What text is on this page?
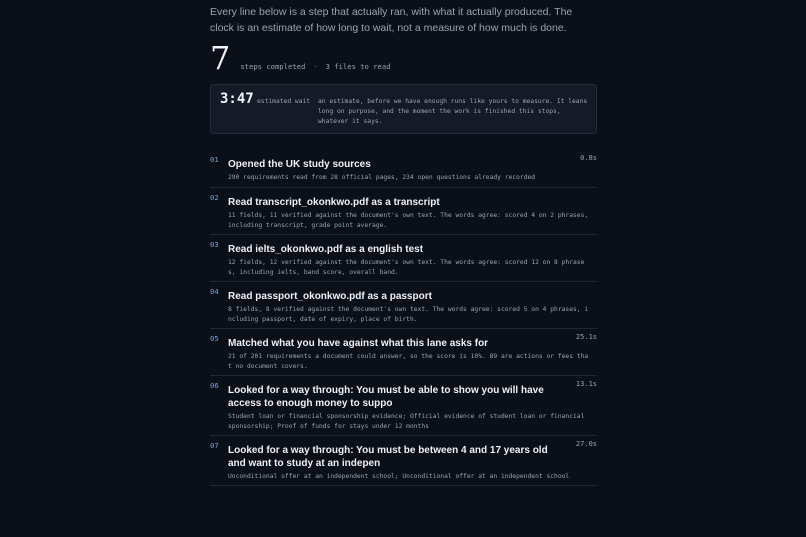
Every line below is a step that actually ran, with what it actually produced. The clock is an estimate of how long to wait, not a measure of how much is done.

7 steps completed · 3 files to read
3:47 estimated wait an estimate, before we have enough runs like yours to measure. It leans long on purpose, and the moment the work is finished this stops, whatever it says.
01 Opened the UK study sources

290 requirements read from 28 official pages, 234 open questions already recorded
0.8s
02 Read transcript_okonkwo.pdf as a transcript

11 fields, 11 verified against the document's own text. The words agree: scored 4 on 2 phrases, including transcript, grade point average.
03 Read ielts_okonkwo.pdf as a english test

12 fields, 12 verified against the document's own text. The words agree: scored 12 on 8 phrases, including ielts, band score, overall band.
04 Read passport_okonkwo.pdf as a passport

8 fields, 8 verified against the document's own text. The words agree: scored 5 on 4 phrases, including passport, date of expiry, place of birth.
05 Matched what you have against what this lane asks for

21 of 201 requirements a document could answer, so the score is 10%. 89 are actions or fees that no document covers.
25.1s
06 Looked for a way through: You must be able to show you will have access to enough money to suppo

Student loan or financial sponsorship evidence; Official evidence of student loan or financial sponsorship; Proof of funds for stays under 12 months
13.1s
07 Looked for a way through: You must be between 4 and 17 years old and want to study at an indepen

Unconditional offer at an independent school; Unconditional offer at an independent school
27.0s
